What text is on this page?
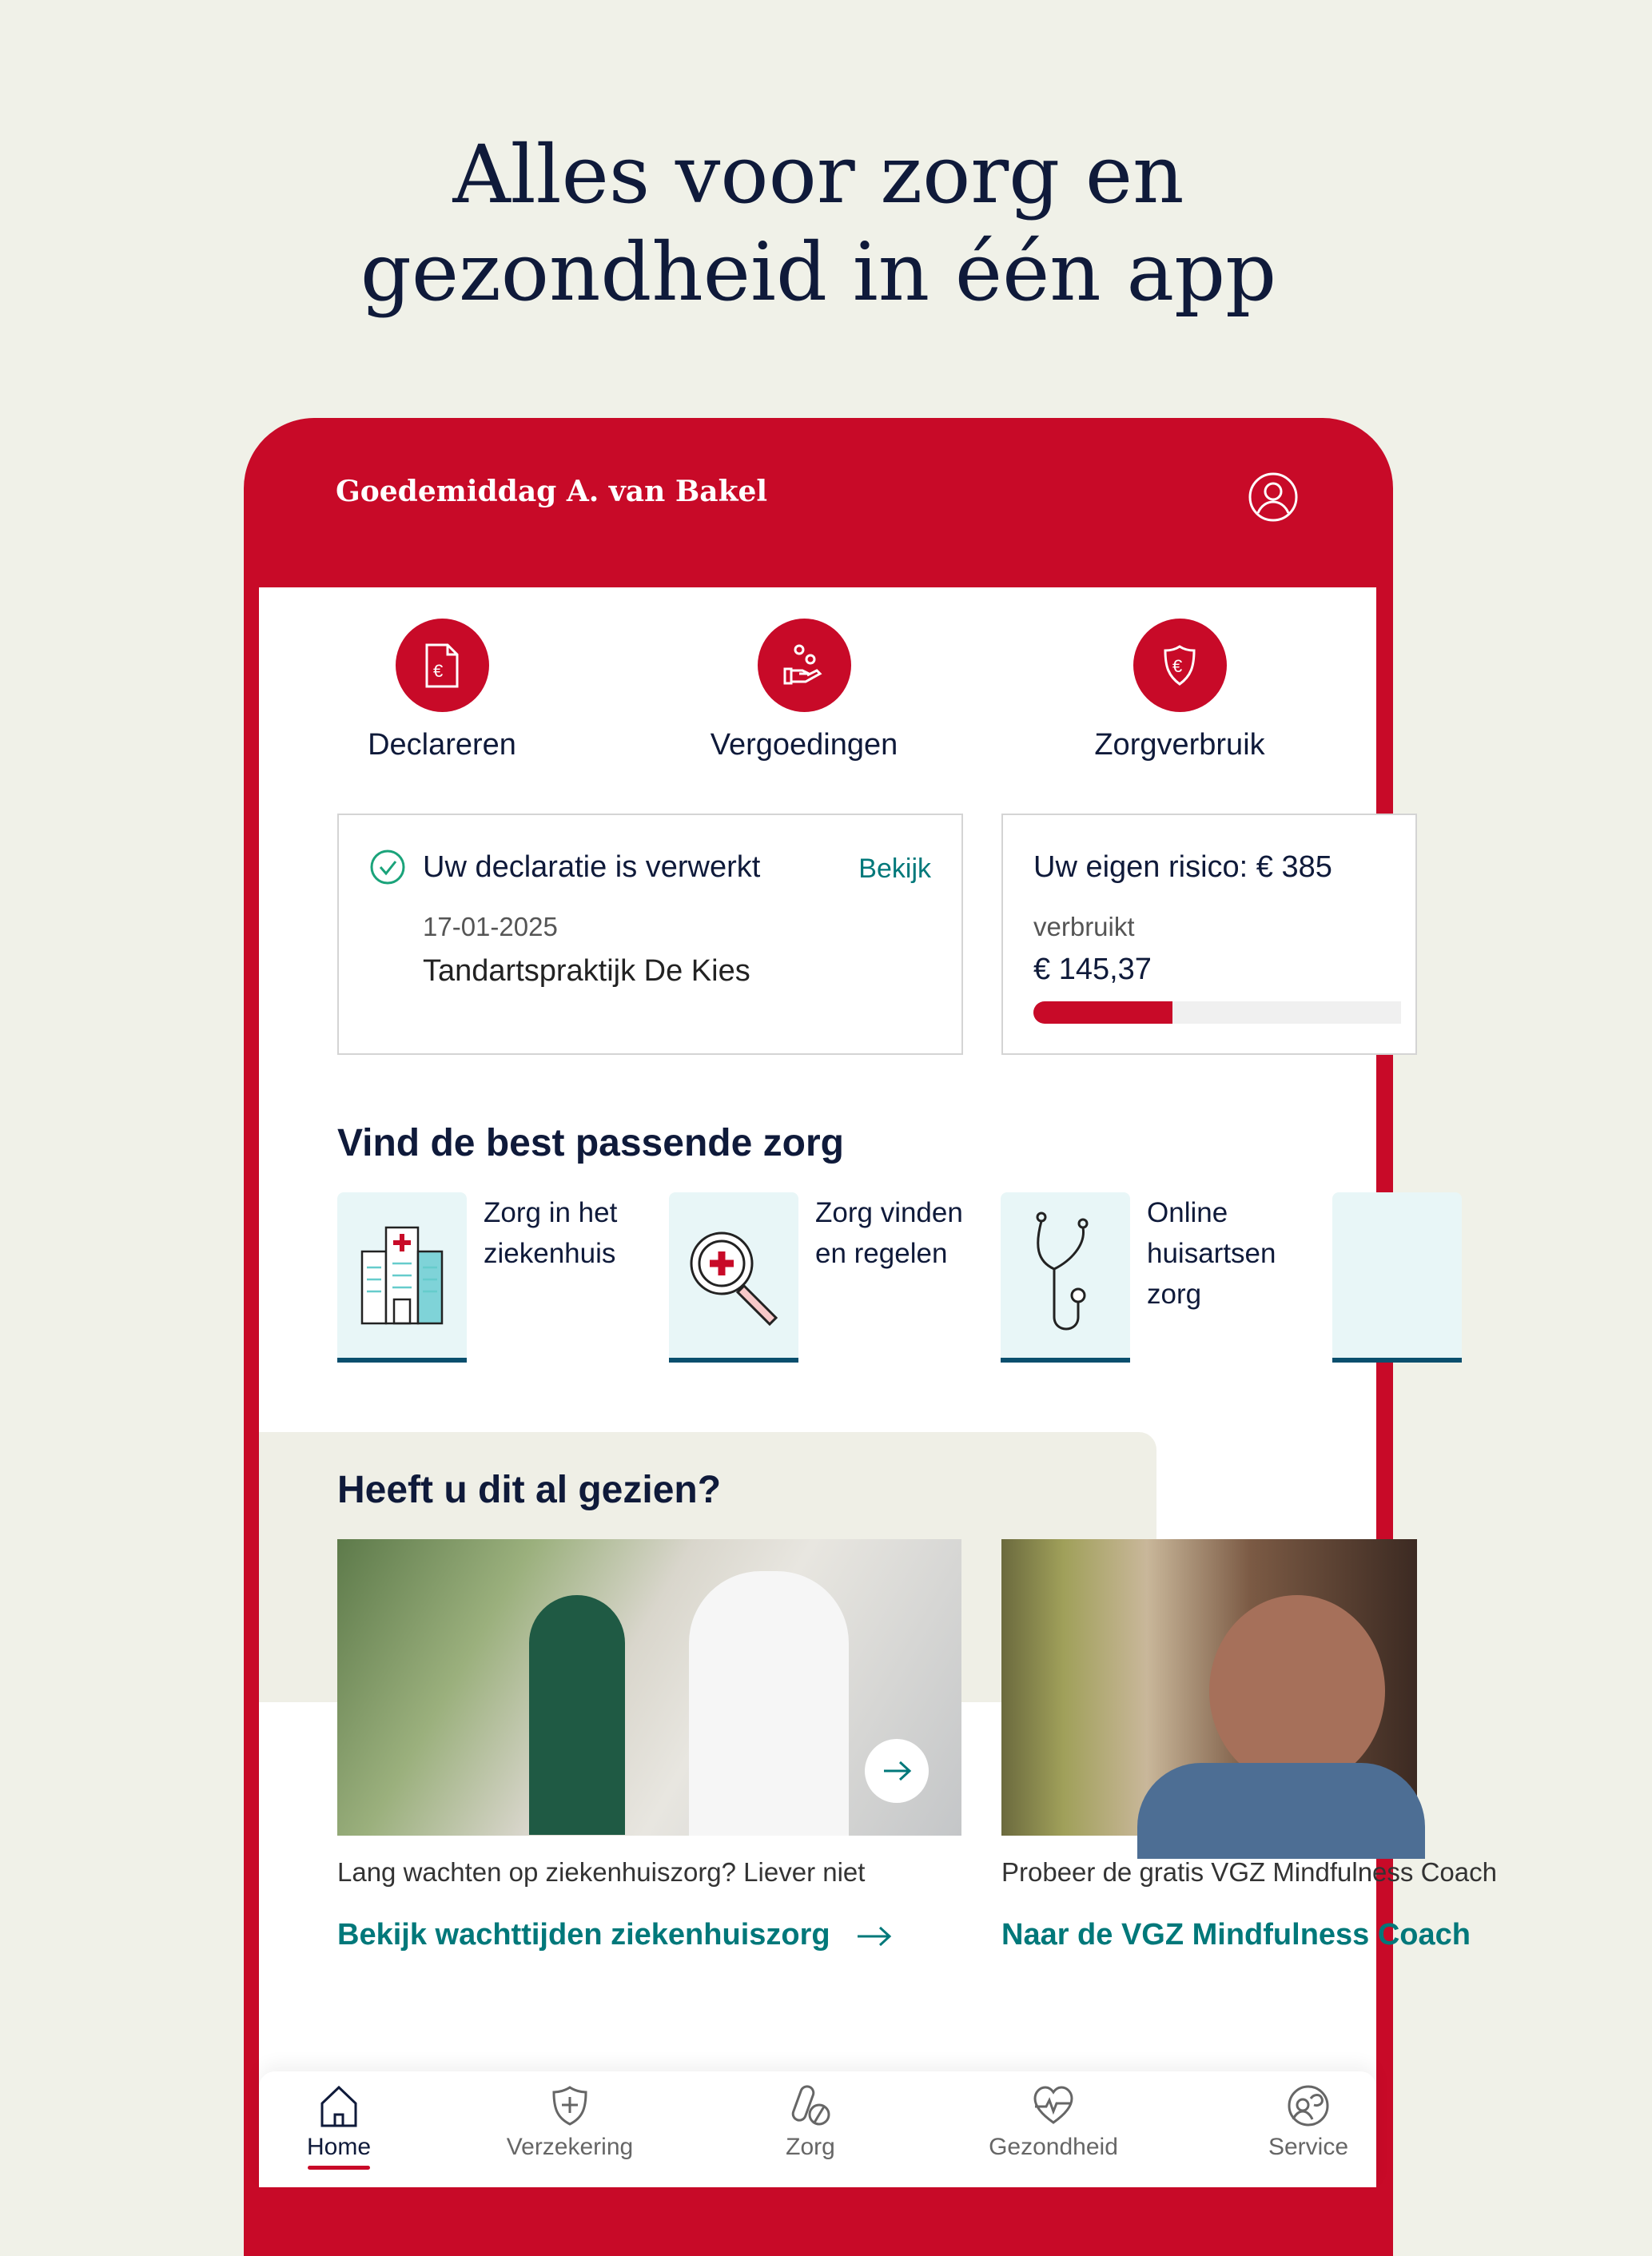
Alles voor zorg en
gezondheid in één app
Goedemiddag A. van Bakel
€
Declareren	Vergoedingen
€
Zorgverbruik
Uw declaratie is verwerkt	Bekijk
17-01-2025
Tandartspraktijk De Kies
Uw eigen risico: € 385
verbruikt
€ 145,37
Vind de best passende zorg
Zorg in het ziekenhuis
Zorg vinden en regelen
Online huisartsen zorg
Heeft u dit al gezien?
Lang wachten op ziekenhuiszorg? Liever niet
Bekijk wachttijden ziekenhuiszorg
Probeer de gratis VGZ Mindfulness Coach
Naar de VGZ Mindfulness Coach
Home	Verzekering	Zorg	Gezondheid	Service
